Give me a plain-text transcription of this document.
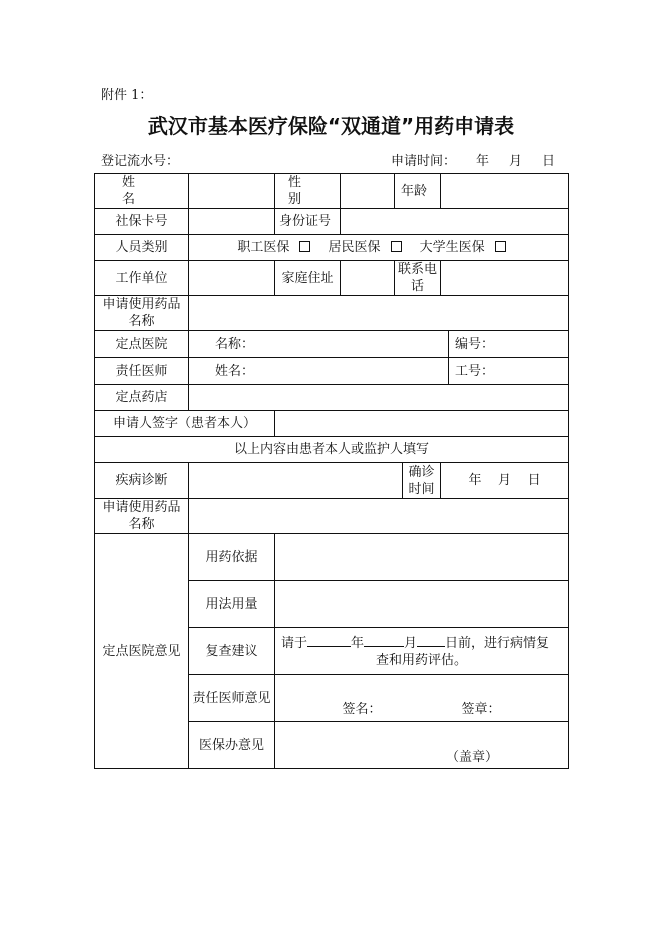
附件 1：
武汉市基本医疗保险“双通道”用药申请表
登记流水号：	申请时间： 年 月 日
姓 名		性 别		年龄			
社保卡号		身份证号					
人员类别	职工医保 居民医保 大学生医保						
工作单位		家庭住址		联系电话			
申请使用药品名称							
定点医院	名称：						编号：
责任医师	姓名：						工号：
定点药店							
申请人签字（患者本人）							
以上内容由患者本人或监护人填写							
疾病诊断					确诊时间	年 月 日	
申请使用药品名称							
定点医院意见	用药依据						
	用法用量						
	复查建议	请于 年 月 日前，进行病情复
查和用药评估。					

	责任医师意见	签名： 签章：					
	医保办意见	（盖章）					
